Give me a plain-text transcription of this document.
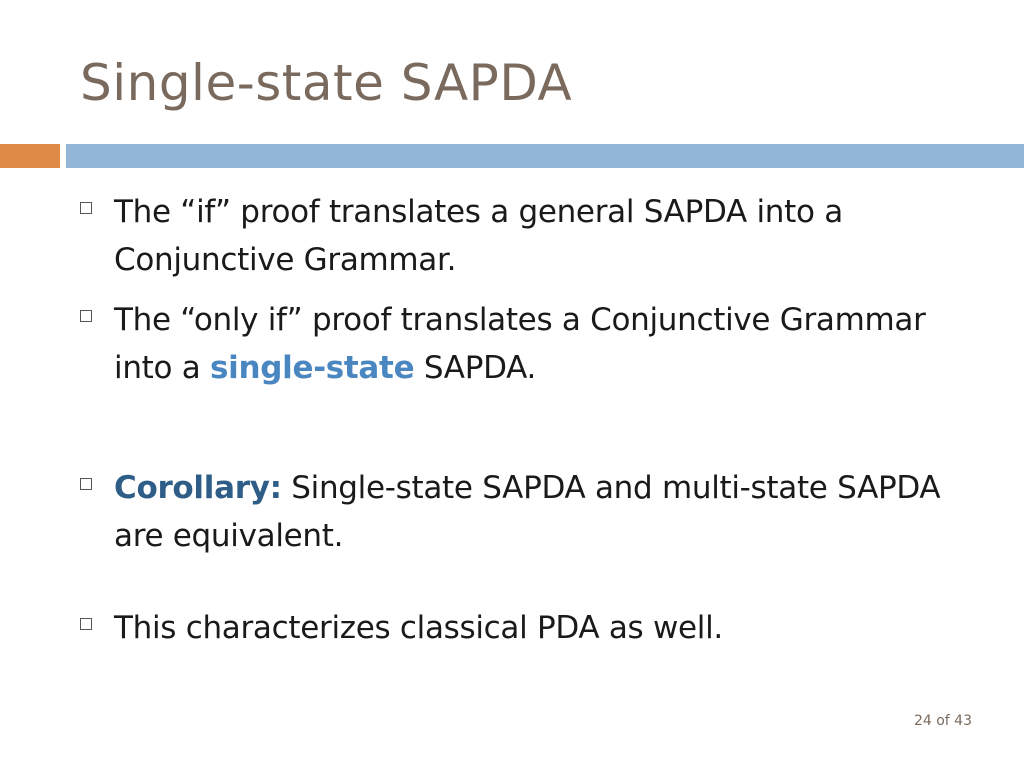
Single-state SAPDA
The “if” proof translates a general SAPDA into a Conjunctive Grammar.
The “only if” proof translates a Conjunctive Grammar into a single-state SAPDA.
Corollary: Single-state SAPDA and multi-state SAPDA are equivalent.
This characterizes classical PDA as well.
24 of 43
